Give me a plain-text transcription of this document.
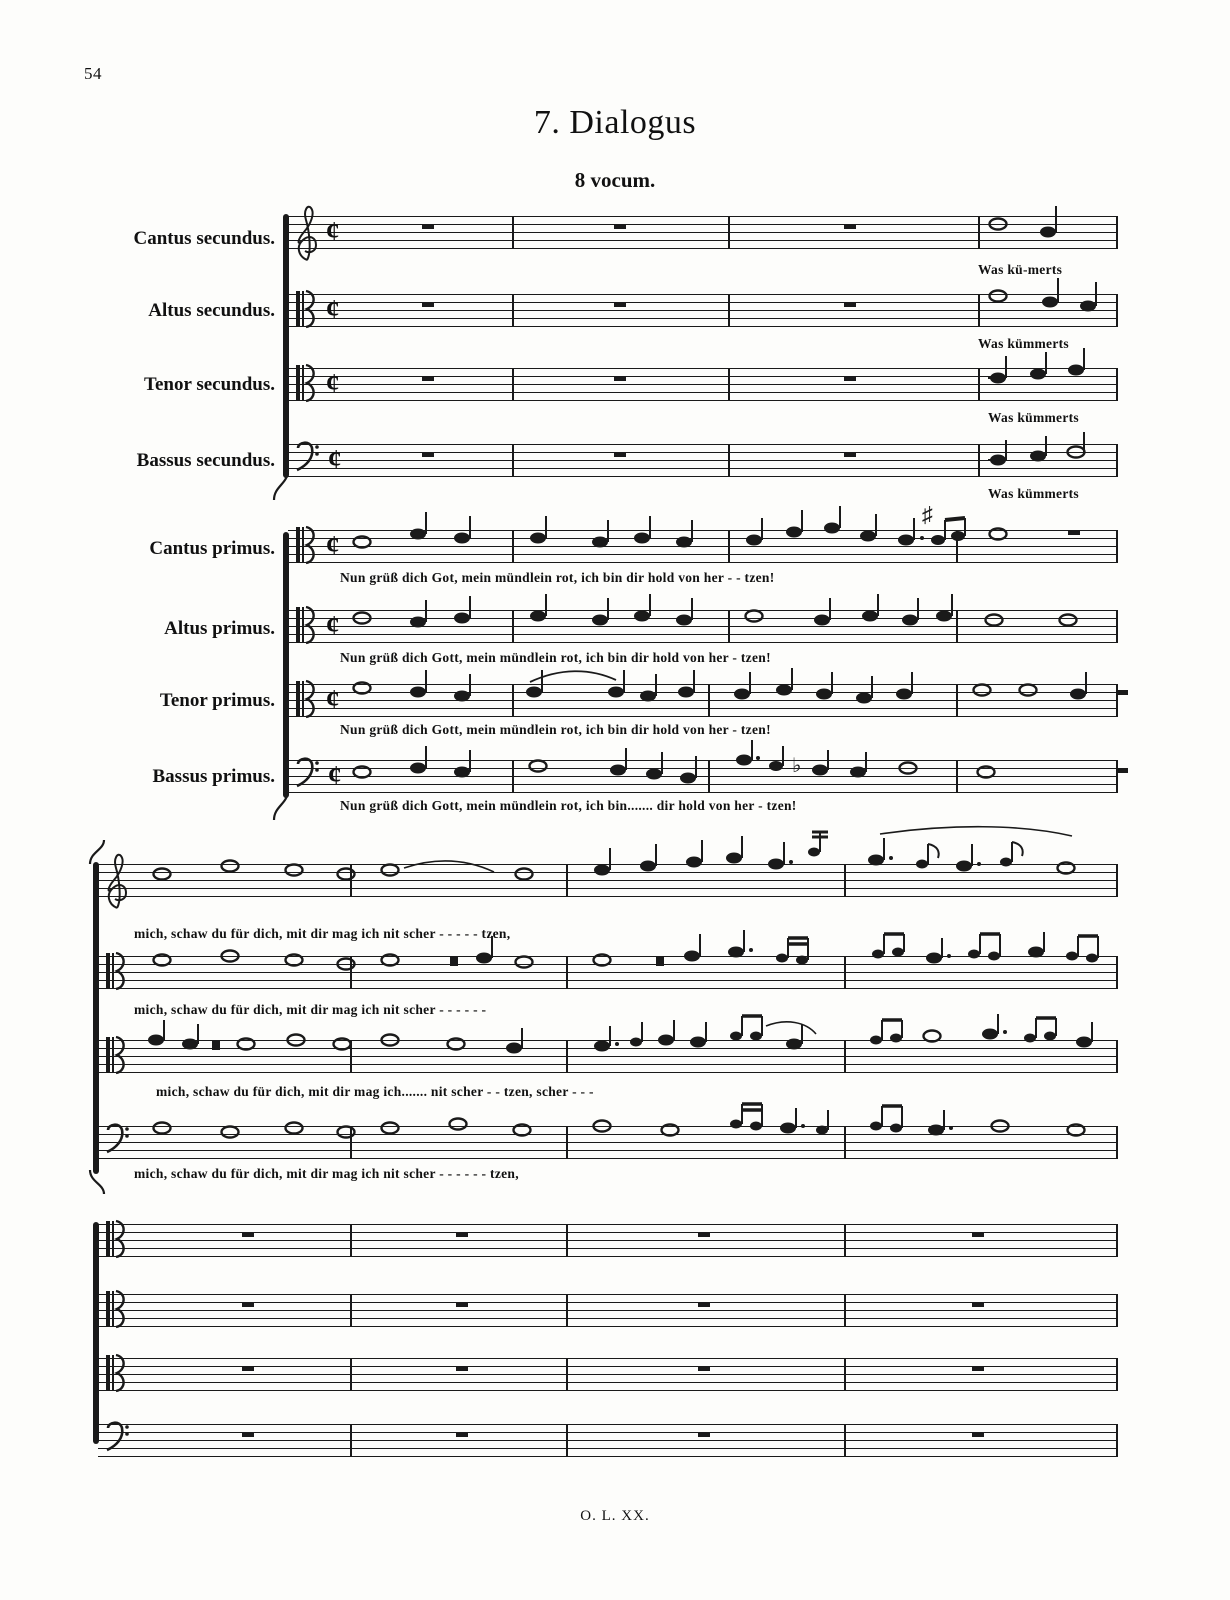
54
7. Dialogus
8 vocum.
Cantus secundus. ¢
Was kü-merts
Altus secundus. ¢
Was kümmerts
Tenor secundus. ¢
Was kümmerts
Bassus secundus. ¢
Was kümmerts
Cantus primus. ¢
♯
Nun grüß dich Got, mein mündlein rot, ich bin dir hold von her - - tzen!
Altus primus. ¢
Nun grüß dich Gott, mein mündlein rot, ich bin dir hold von her - tzen!
Tenor primus. ¢
Nun grüß dich Gott, mein mündlein rot, ich bin dir hold von her - tzen!
Bassus primus. ¢	♭
Nun grüß dich Gott, mein mündlein rot, ich bin....... dir hold von her - tzen!
mich, schaw du für dich, mit dir mag ich nit scher - - - - - tzen,
mich, schaw du für dich, mit dir mag ich nit scher - - - - - -
mich, schaw du für dich, mit dir mag ich....... nit scher - - tzen, scher - - -
mich, schaw du für dich, mit dir mag ich nit scher - - - - - - tzen,
O. L. XX.
